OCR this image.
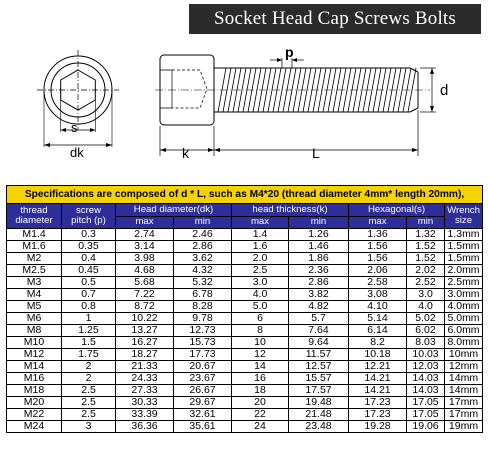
Socket Head Cap Screws Bolts
s
dk	k	L
p
d
Specifications are composed of d * L, such as M4*20 (thread diameter 4mm* length 20mm),								
thread
diameter	screw
pitch (p)	Head diameter(dk)		head thickness(k)		Hexagonal(s)		Wrench
size
		max	min	max	min	max	min	
M1.4	0.3	2.74	2.46	1.4	1.26	1.36	1.32	1.3mm
M1.6	0.35	3.14	2.86	1.6	1.46	1.56	1.52	1.5mm
M2	0.4	3.98	3.62	2.0	1.86	1.56	1.52	1.5mm
M2.5	0.45	4.68	4.32	2.5	2.36	2.06	2.02	2.0mm
M3	0.5	5.68	5.32	3.0	2.86	2.58	2.52	2.5mm
M4	0.7	7.22	6.78	4.0	3.82	3.08	3.0	3.0mm
M5	0.8	8.72	8.28	5.0	4.82	4.10	4.0	4.0mm
M6	1	10.22	9.78	6	5.7	5.14	5.02	5.0mm
M8	1.25	13.27	12.73	8	7.64	6.14	6.02	6.0mm
M10	1.5	16.27	15.73	10	9.64	8.2	8.03	8.0mm
M12	1.75	18.27	17.73	12	11.57	10.18	10.03	10mm
M14	2	21.33	20.67	14	12.57	12.21	12.03	12mm
M16	2	24.33	23.67	16	15.57	14.21	14.03	14mm
M18	2.5	27.33	26.67	18	17.57	14.21	14.03	14mm
M20	2.5	30.33	29.67	20	19.48	17.23	17.05	17mm
M22	2.5	33.39	32.61	22	21.48	17.23	17.05	17mm
M24	3	36.36	35.61	24	23.48	19.28	19.06	19mm
